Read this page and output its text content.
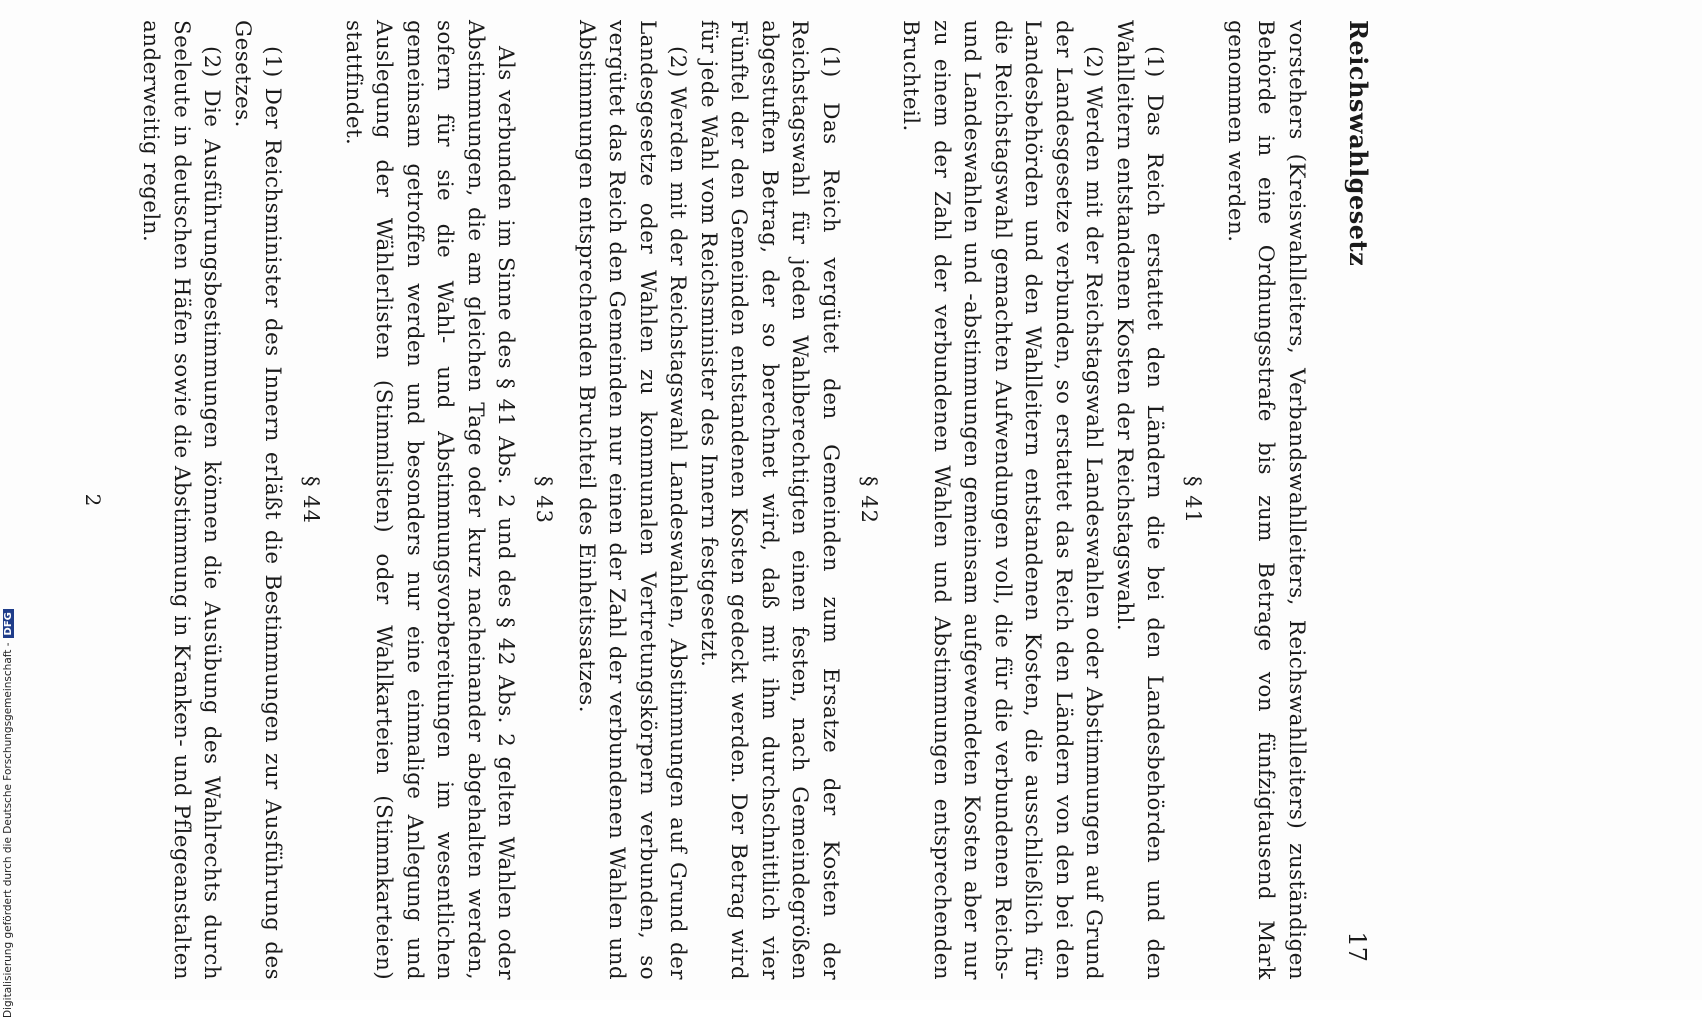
Reichswahlgesetz
17

vorstehers (Kreiswahlleiters, Verbandswahlleiters, Reichswahlleiters) zuständigen Behörde in eine Ordnungsstrafe bis zum Betrage von fünfzigtausend Mark genommen werden.

§ 41

(1) Das Reich erstattet den Ländern die bei den Landesbehörden und den Wahlleitern entstandenen Kosten der Reichstagswahl.

(2) Werden mit der Reichstagswahl Landeswahlen oder Abstimmungen auf Grund der Landesgesetze verbunden, so erstattet das Reich den Ländern von den bei den Landesbehörden und den Wahlleitern entstandenen Kosten, die ausschließlich für die Reichstagswahl gemachten Aufwendungen voll, die für die verbundenen Reichs- und Landeswahlen und -abstimmungen gemeinsam aufgewendeten Kosten aber nur zu einem der Zahl der verbundenen Wahlen und Abstimmungen entsprechenden Bruchteil.

§ 42

(1) Das Reich vergütet den Gemeinden zum Ersatze der Kosten der Reichstagswahl für jeden Wahlberechtigten einen festen, nach Gemeindegrößen abgestuften Betrag, der so berechnet wird, daß mit ihm durchschnittlich vier Fünftel der den Gemeinden entstandenen Kosten gedeckt werden. Der Betrag wird für jede Wahl vom Reichsminister des Innern festgesetzt.

(2) Werden mit der Reichstagswahl Landeswahlen, Abstimmungen auf Grund der Landesgesetze oder Wahlen zu kommunalen Vertretungskörpern verbunden, so vergütet das Reich den Gemeinden nur einen der Zahl der verbundenen Wahlen und Abstimmungen entsprechenden Bruchteil des Einheitssatzes.

§ 43

Als verbunden im Sinne des § 41 Abs. 2 und des § 42 Abs. 2 gelten Wahlen oder Abstimmungen, die am gleichen Tage oder kurz nacheinander abgehalten werden, sofern für sie die Wahl- und Abstimmungsvorbereitungen im wesentlichen gemeinsam getroffen werden und besonders nur eine einmalige Anlegung und Auslegung der Wählerlisten (Stimmlisten) oder Wahlkarteien (Stimmkarteien) stattfindet.

§ 44

(1) Der Reichsminister des Innern erläßt die Bestimmungen zur Ausführung des Gesetzes.

(2) Die Ausführungsbestimmungen können die Ausübung des Wahlrechts durch Seeleute in deutschen Häfen sowie die Abstimmung in Kranken- und Pflegeanstalten anderweitig regeln.

2
Digitalisierung gefördert durch die Deutsche Forschungsgemeinschaft -DFG
